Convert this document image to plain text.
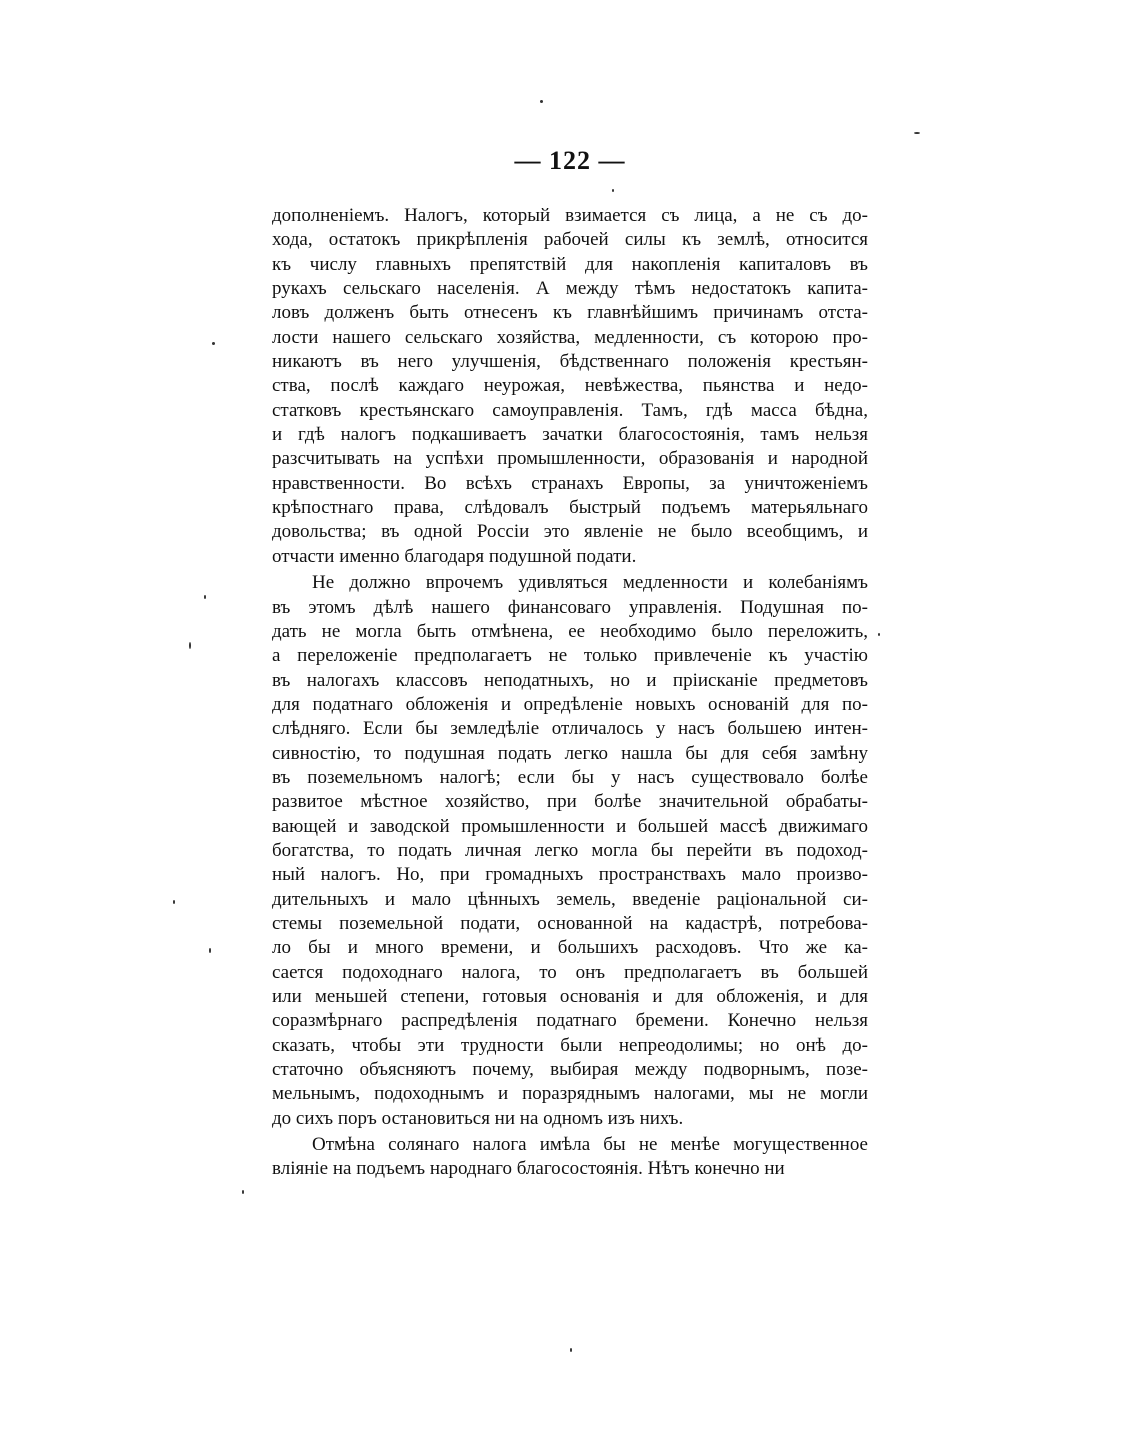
— 122 —
дополненіемъ. Налогъ, который взимается съ лица, а не съ до-
хода, остатокъ прикрѣпленія рабочей силы къ землѣ, относится
къ числу главныхъ препятствій для накопленія капиталовъ въ
рукахъ сельскаго населенія. А между тѣмъ недостатокъ капита-
ловъ долженъ быть отнесенъ къ главнѣйшимъ причинамъ отста-
лости нашего сельскаго хозяйства, медленности, съ которою про-
никаютъ въ него улучшенія, бѣдственнаго положенія крестьян-
ства, послѣ каждаго неурожая, невѣжества, пьянства и недо-
статковъ крестьянскаго самоуправленія. Тамъ, гдѣ масса бѣдна,
и гдѣ налогъ подкашиваетъ зачатки благосостоянія, тамъ нельзя
разсчитывать на успѣхи промышленности, образованія и народной
нравственности. Во всѣхъ странахъ Европы, за уничтоженіемъ
крѣпостнаго права, слѣдовалъ быстрый подъемъ матерьяльнаго
довольства; въ одной Россіи это явленіе не было всеобщимъ, и
отчасти именно благодаря подушной подати.
Не должно впрочемъ удивляться медленности и колебаніямъ
въ этомъ дѣлѣ нашего финансоваго управленія. Подушная по-
дать не могла быть отмѣнена, ее необходимо было переложить,
а переложеніе предполагаетъ не только привлеченіе къ участію
въ налогахъ классовъ неподатныхъ, но и пріисканіе предметовъ
для податнаго обложенія и опредѣленіе новыхъ основаній для по-
слѣдняго. Если бы земледѣліе отличалось у насъ большею интен-
сивностію, то подушная подать легко нашла бы для себя замѣну
въ поземельномъ налогѣ; если бы у насъ существовало болѣе
развитое мѣстное хозяйство, при болѣе значительной обрабаты-
вающей и заводской промышленности и большей массѣ движимаго
богатства, то подать личная легко могла бы перейти въ подоход-
ный налогъ. Но, при громадныхъ пространствахъ мало произво-
дительныхъ и мало цѣнныхъ земель, введеніе раціональной си-
стемы поземельной подати, основанной на кадастрѣ, потребова-
ло бы и много времени, и большихъ расходовъ. Что же ка-
сается подоходнаго налога, то онъ предполагаетъ въ большей
или меньшей степени, готовыя основанія и для обложенія, и для
соразмѣрнаго распредѣленія податнаго бремени. Конечно нельзя
сказать, чтобы эти трудности были непреодолимы; но онѣ до-
статочно объясняютъ почему, выбирая между подворнымъ, позе-
мельнымъ, подоходнымъ и поразряднымъ налогами, мы не могли
до сихъ поръ остановиться ни на одномъ изъ нихъ.
Отмѣна солянаго налога имѣла бы не менѣе могущественное
вліяніе на подъемъ народнаго благосостоянія. Нѣтъ конечно ни
